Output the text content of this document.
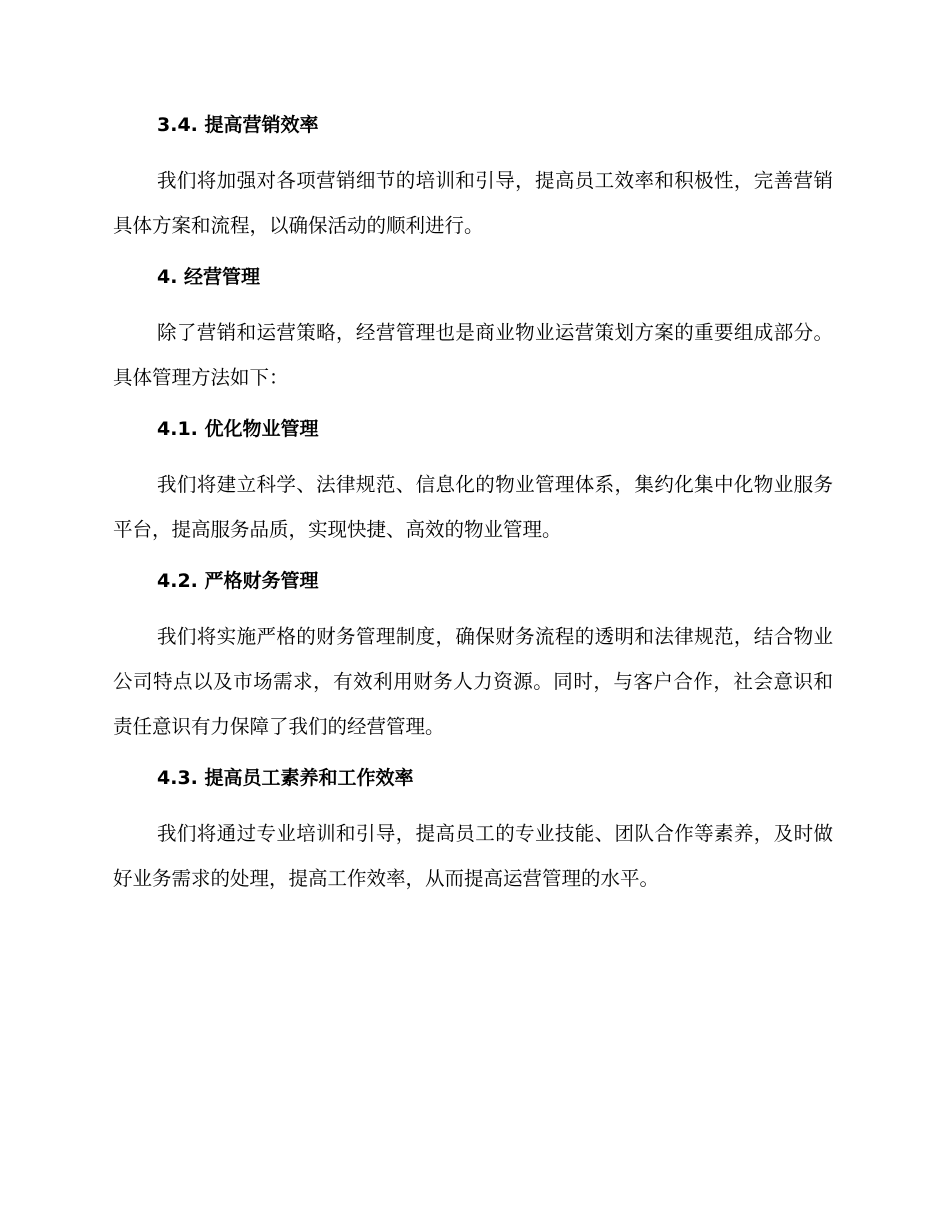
3.4. 提高营销效率

我们将加强对各项营销细节的培训和引导，提高员工效率和积极性，完善营销具体方案和流程，以确保活动的顺利进行。

4. 经营管理

除了营销和运营策略，经营管理也是商业物业运营策划方案的重要组成部分。具体管理方法如下：

4.1. 优化物业管理

我们将建立科学、法律规范、信息化的物业管理体系，集约化集中化物业服务平台，提高服务品质，实现快捷、高效的物业管理。

4.2. 严格财务管理

我们将实施严格的财务管理制度，确保财务流程的透明和法律规范，结合物业公司特点以及市场需求，有效利用财务人力资源。同时，与客户合作，社会意识和责任意识有力保障了我们的经营管理。

4.3. 提高员工素养和工作效率

我们将通过专业培训和引导，提高员工的专业技能、团队合作等素养，及时做好业务需求的处理，提高工作效率，从而提高运营管理的水平。
